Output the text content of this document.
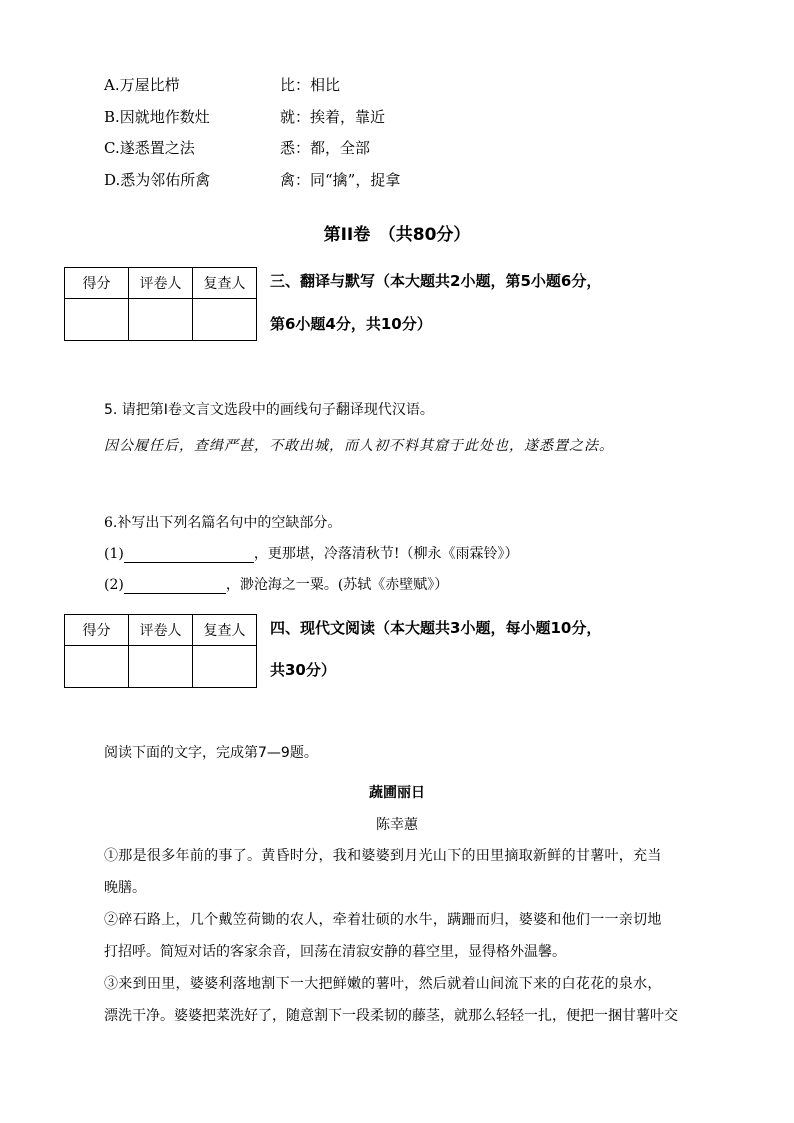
A.万屋比栉	比：相比
B.因就地作数灶	就：挨着，靠近
C.遂悉置之法	悉：都，全部
D.悉为邻佑所禽	禽：同“擒”，捉拿
第II卷　（共80分）
得分	评卷人	复查人
		三、翻译与默写（本大题共2小题，第5小题6分，
第6小题4分，共10分）
5. 请把第I卷文言文选段中的画线句子翻译现代汉语。
因公履任后，查缉严甚，不敢出城，而人初不料其窟于此处也，遂悉置之法。
6.补写出下列名篇名句中的空缺部分。
(1)	，更那堪，冷落清秋节!（柳永《雨霖铃》）
(2)	，渺沧海之一粟。(苏轼《赤壁赋》）
得分	评卷人	复查人
		四、现代文阅读（本大题共3小题，每小题10分，
共30分）
阅读下面的文字，完成第7—9题。
蔬圃丽日
陈幸蕙
①那是很多年前的事了。黄昏时分，我和婆婆到月光山下的田里摘取新鲜的甘薯叶，充当
晚膳。
②碎石路上，几个戴笠荷锄的农人，牵着壮硕的水牛，蹒跚而归，婆婆和他们一一亲切地
打招呼。简短对话的客家余音，回荡在清寂安静的暮空里，显得格外温馨。
③来到田里，婆婆利落地割下一大把鲜嫩的薯叶，然后就着山间流下来的白花花的泉水，
漂洗干净。婆婆把菜洗好了，随意割下一段柔韧的藤茎，就那么轻轻一扎，便把一捆甘薯叶交
